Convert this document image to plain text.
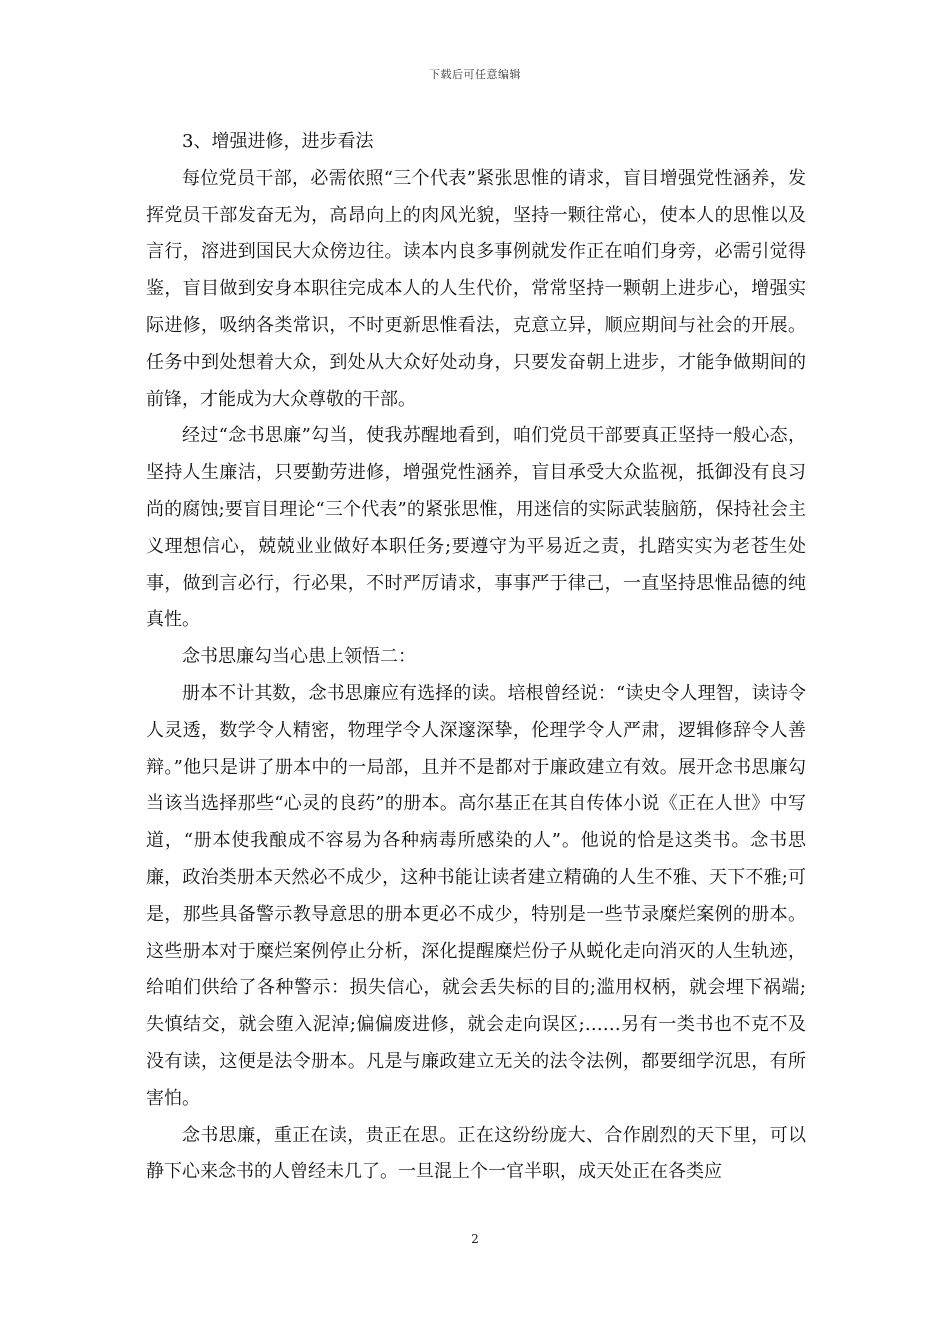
下载后可任意编辑

3、增强进修，进步看法

每位党员干部，必需依照“三个代表”紧张思惟的请求，盲目增强党性涵养，发挥党员干部发奋无为，高昂向上的肉风光貌，坚持一颗往常心，使本人的思惟以及言行，溶进到国民大众傍边往。读本内良多事例就发作正在咱们身旁，必需引觉得鉴，盲目做到安身本职往完成本人的人生代价，常常坚持一颗朝上进步心，增强实际进修，吸纳各类常识，不时更新思惟看法，克意立异，顺应期间与社会的开展。任务中到处想着大众，到处从大众好处动身，只要发奋朝上进步，才能争做期间的前锋，才能成为大众尊敬的干部。

经过“念书思廉”勾当，使我苏醒地看到，咱们党员干部要真正坚持一般心态，坚持人生廉洁，只要勤劳进修，增强党性涵养，盲目承受大众监视，抵御没有良习尚的腐蚀;要盲目理论“三个代表”的紧张思惟，用迷信的实际武装脑筋，保持社会主义理想信心，兢兢业业做好本职任务;要遵守为平易近之责，扎踏实实为老苍生处事，做到言必行，行必果，不时严厉请求，事事严于律己，一直坚持思惟品德的纯真性。

念书思廉勾当心患上领悟二：

册本不计其数，念书思廉应有选择的读。培根曾经说：“读史令人理智，读诗令人灵透，数学令人精密，物理学令人深邃深挚，伦理学令人严肃，逻辑修辞令人善辩。”他只是讲了册本中的一局部，且并不是都对于廉政建立有效。展开念书思廉勾当该当选择那些“心灵的良药”的册本。高尔基正在其自传体小说《正在人世》中写道，“册本使我酿成不容易为各种病毒所感染的人”。他说的恰是这类书。念书思廉，政治类册本天然必不成少，这种书能让读者建立精确的人生不雅、天下不雅;可是，那些具备警示教导意思的册本更必不成少，特别是一些节录糜烂案例的册本。这些册本对于糜烂案例停止分析，深化提醒糜烂份子从蜕化走向消灭的人生轨迹，给咱们供给了各种警示：损失信心，就会丢失标的目的;滥用权柄，就会埋下祸端;失慎结交，就会堕入泥淖;偏偏废进修，就会走向误区;……另有一类书也不克不及没有读，这便是法令册本。凡是与廉政建立无关的法令法例，都要细学沉思，有所害怕。

念书思廉，重正在读，贵正在思。正在这纷纷庞大、合作剧烈的天下里，可以静下心来念书的人曾经未几了。一旦混上个一官半职，成天处正在各类应

2
